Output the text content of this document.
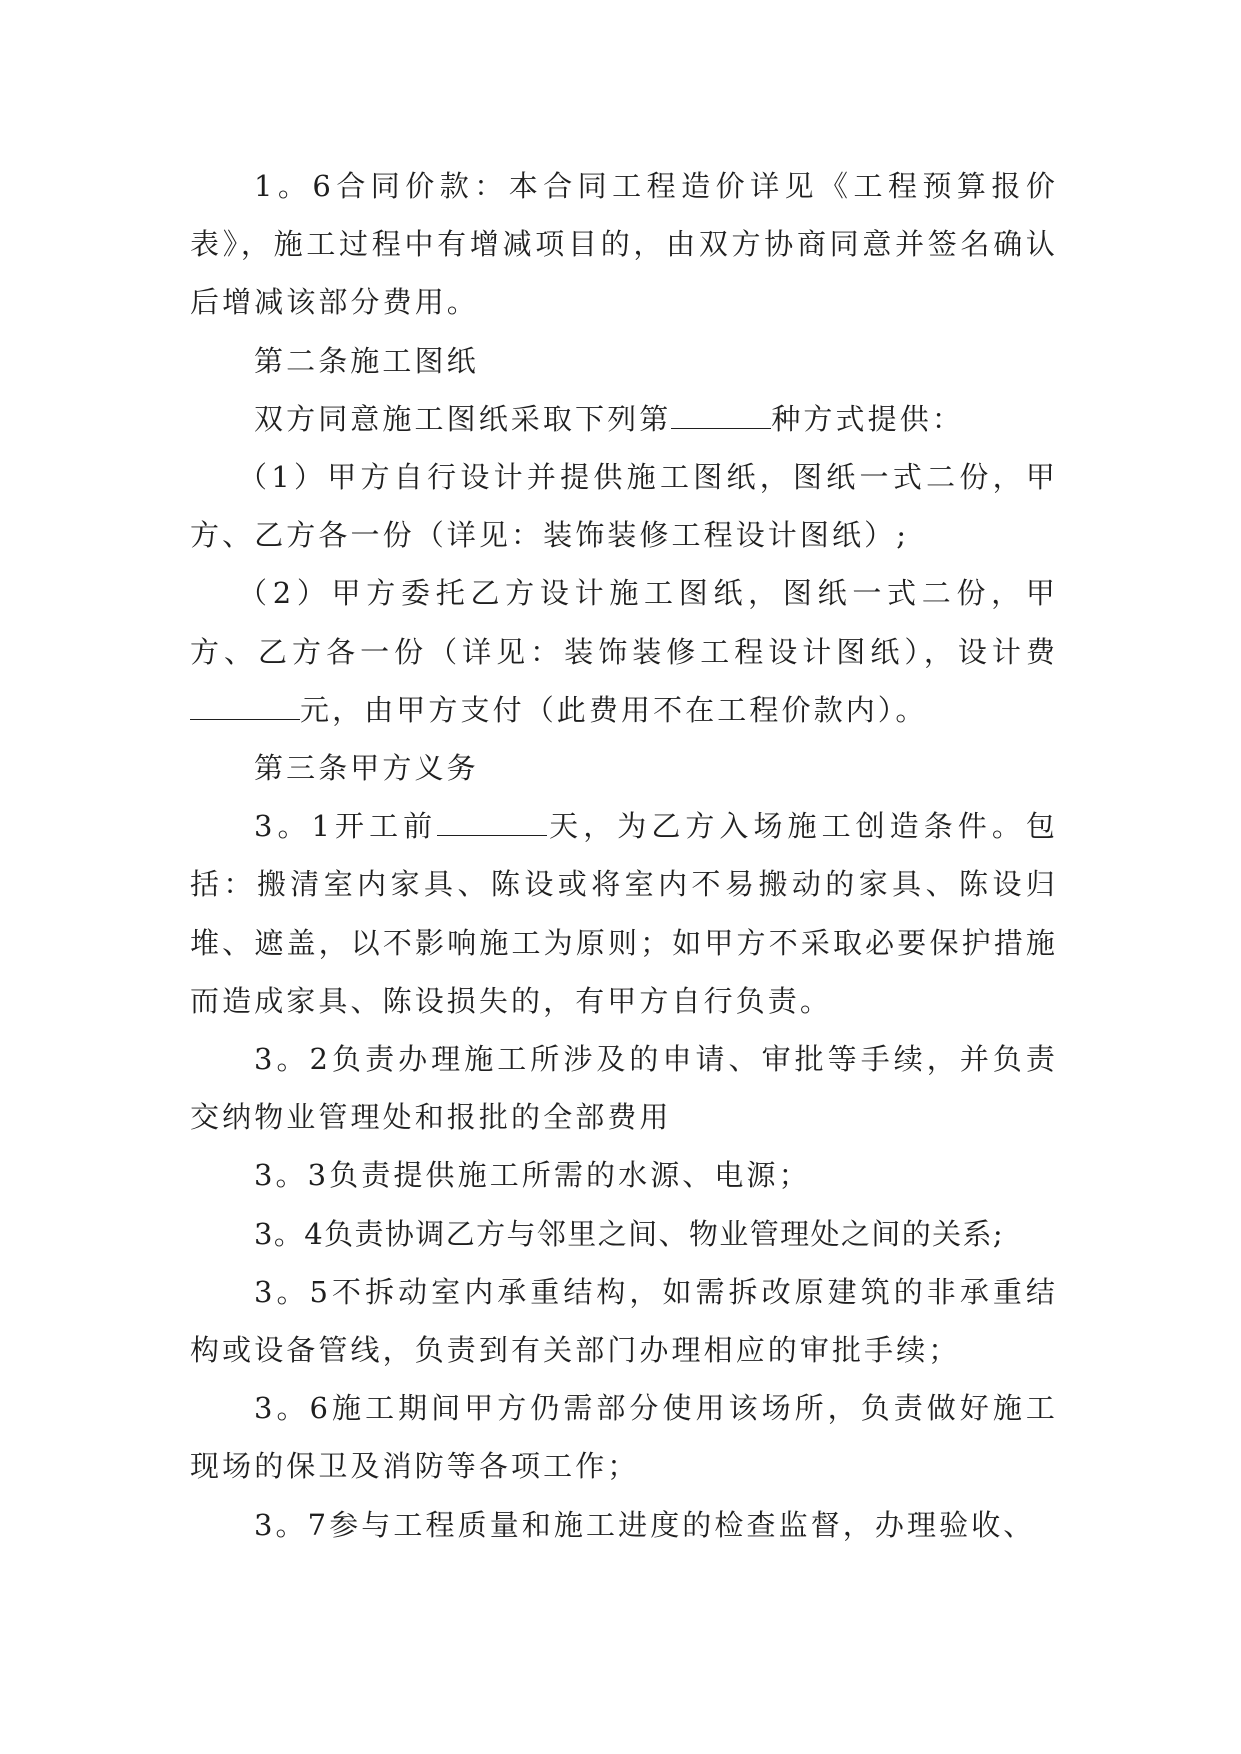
1。6合同价款：本合同工程造价详见《工程预算报价表》，施工过程中有增减项目的，由双方协商同意并签名确认后增减该部分费用。

第二条施工图纸

双方同意施工图纸采取下列第	种方式提供：

（1）甲方自行设计并提供施工图纸，图纸一式二份，甲方、乙方各一份（详见：装饰装修工程设计图纸）;

（2）甲方委托乙方设计施工图纸，图纸一式二份，甲方、乙方各一份（详见：装饰装修工程设计图纸），设计费元，由甲方支付（此费用不在工程价款内）。

第三条甲方义务

3。1开工前	天，为乙方入场施工创造条件。包括：搬清室内家具、陈设或将室内不易搬动的家具、陈设归堆、遮盖，以不影响施工为原则；如甲方不采取必要保护措施而造成家具、陈设损失的，有甲方自行负责。

3。2负责办理施工所涉及的申请、审批等手续，并负责交纳物业管理处和报批的全部费用

3。3负责提供施工所需的水源、电源；

3。4负责协调乙方与邻里之间、物业管理处之间的关系;

3。5不拆动室内承重结构，如需拆改原建筑的非承重结构或设备管线，负责到有关部门办理相应的审批手续；

3。6施工期间甲方仍需部分使用该场所，负责做好施工现场的保卫及消防等各项工作；

3。7参与工程质量和施工进度的检查监督，办理验收、
